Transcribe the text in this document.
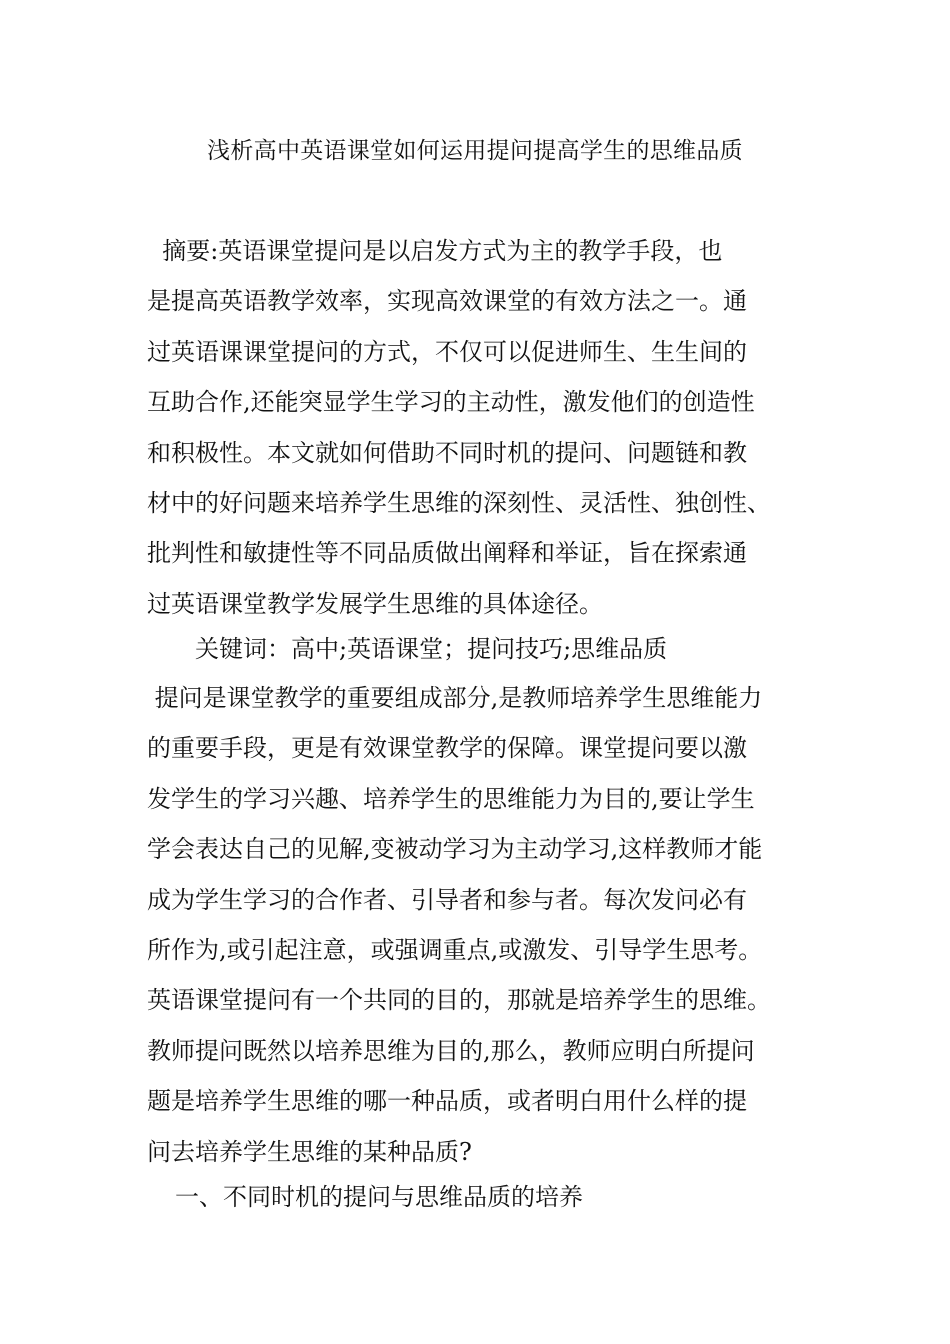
浅析高中英语课堂如何运用提问提高学生的思维品质
摘要:英语课堂提问是以启发方式为主的教学手段，也
是提高英语教学效率，实现高效课堂的有效方法之一。通
过英语课课堂提问的方式，不仅可以促进师生、生生间的
互助合作,还能突显学生学习的主动性，激发他们的创造性
和积极性。本文就如何借助不同时机的提问、问题链和教
材中的好问题来培养学生思维的深刻性、灵活性、独创性、
批判性和敏捷性等不同品质做出阐释和举证，旨在探索通
过英语课堂教学发展学生思维的具体途径。
关键词：高中;英语课堂；提问技巧;思维品质
提问是课堂教学的重要组成部分,是教师培养学生思维能力
的重要手段，更是有效课堂教学的保障。课堂提问要以激
发学生的学习兴趣、培养学生的思维能力为目的,要让学生
学会表达自己的见解,变被动学习为主动学习,这样教师才能
成为学生学习的合作者、引导者和参与者。每次发问必有
所作为,或引起注意，或强调重点,或激发、引导学生思考。
英语课堂提问有一个共同的目的，那就是培养学生的思维。
教师提问既然以培养思维为目的,那么，教师应明白所提问
题是培养学生思维的哪一种品质，或者明白用什么样的提
问去培养学生思维的某种品质?
一、不同时机的提问与思维品质的培养
